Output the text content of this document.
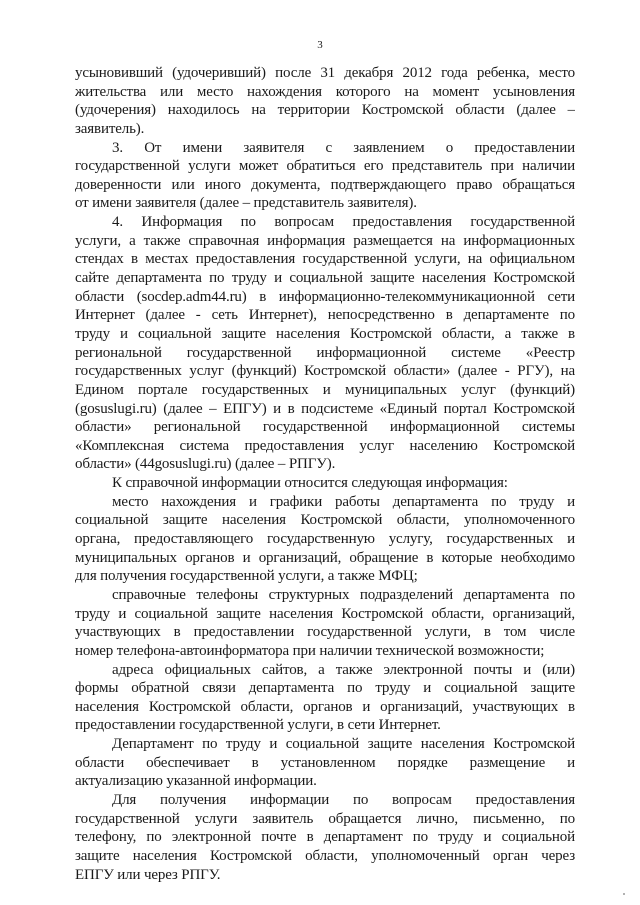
3
усыновивший (удочеривший) после 31 декабря 2012 года ребенка, место
жительства или место нахождения которого на момент усыновления
(удочерения) находилось на территории Костромской области (далее –
заявитель).
3. От имени заявителя с заявлением о предоставлении
государственной услуги может обратиться его представитель при наличии
доверенности или иного документа, подтверждающего право обращаться
от имени заявителя (далее – представитель заявителя).
4. Информация по вопросам предоставления государственной
услуги, а также справочная информация размещается на информационных
стендах в местах предоставления государственной услуги, на официальном
сайте департамента по труду и социальной защите населения Костромской
области (socdep.adm44.ru) в информационно-телекоммуникационной сети
Интернет (далее - сеть Интернет), непосредственно в департаменте по
труду и социальной защите населения Костромской области, а также в
региональной государственной информационной системе «Реестр
государственных услуг (функций) Костромской области» (далее - РГУ), на
Едином портале государственных и муниципальных услуг (функций)
(gosuslugi.ru) (далее – ЕПГУ) и в подсистеме «Единый портал Костромской
области» региональной государственной информационной системы
«Комплексная система предоставления услуг населению Костромской
области» (44gosuslugi.ru) (далее – РПГУ).
К справочной информации относится следующая информация:
место нахождения и графики работы департамента по труду и
социальной защите населения Костромской области, уполномоченного
органа, предоставляющего государственную услугу, государственных и
муниципальных органов и организаций, обращение в которые необходимо
для получения государственной услуги, а также МФЦ;
справочные телефоны структурных подразделений департамента по
труду и социальной защите населения Костромской области, организаций,
участвующих в предоставлении государственной услуги, в том числе
номер телефона-автоинформатора при наличии технической возможности;
адреса официальных сайтов, а также электронной почты и (или)
формы обратной связи департамента по труду и социальной защите
населения Костромской области, органов и организаций, участвующих в
предоставлении государственной услуги, в сети Интернет.
Департамент по труду и социальной защите населения Костромской
области обеспечивает в установленном порядке размещение и
актуализацию указанной информации.
Для получения информации по вопросам предоставления
государственной услуги заявитель обращается лично, письменно, по
телефону, по электронной почте в департамент по труду и социальной
защите населения Костромской области, уполномоченный орган через
ЕПГУ или через РПГУ.
